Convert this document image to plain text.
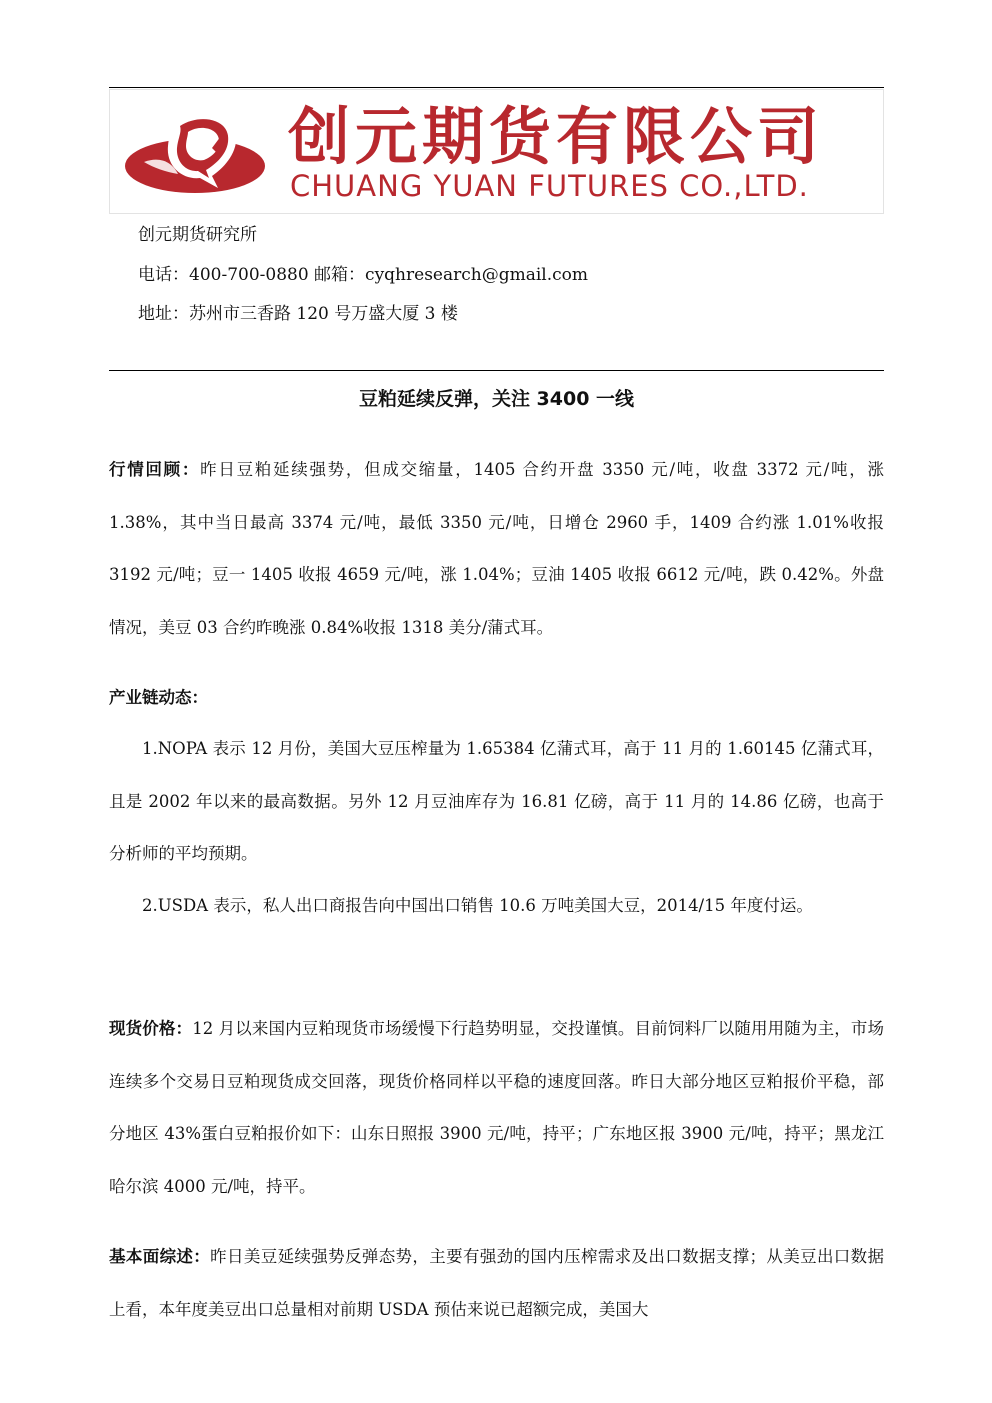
创元期货有限公司
CHUANG YUAN FUTURES CO.,LTD.
创元期货研究所
电话：400-700-0880 邮箱：cyqhresearch@gmail.com
地址：苏州市三香路 120 号万盛大厦 3 楼
豆粕延续反弹，关注 3400 一线
行情回顾：昨日豆粕延续强势，但成交缩量，1405 合约开盘 3350 元/吨，收盘 3372 元/吨，涨 1.38%，其中当日最高 3374 元/吨，最低 3350 元/吨，日增仓 2960 手，1409 合约涨 1.01%收报 3192 元/吨；豆一 1405 收报 4659 元/吨，涨 1.04%；豆油 1405 收报 6612 元/吨，跌 0.42%。外盘情况，美豆 03 合约昨晚涨 0.84%收报 1318 美分/蒲式耳。
产业链动态：
1.NOPA 表示 12 月份，美国大豆压榨量为 1.65384 亿蒲式耳，高于 11 月的 1.60145 亿蒲式耳，且是 2002 年以来的最高数据。另外 12 月豆油库存为 16.81 亿磅，高于 11 月的 14.86 亿磅，也高于分析师的平均预期。
2.USDA 表示，私人出口商报告向中国出口销售 10.6 万吨美国大豆，2014/15 年度付运。
现货价格：12 月以来国内豆粕现货市场缓慢下行趋势明显，交投谨慎。目前饲料厂以随用用随为主，市场连续多个交易日豆粕现货成交回落，现货价格同样以平稳的速度回落。昨日大部分地区豆粕报价平稳，部分地区 43%蛋白豆粕报价如下：山东日照报 3900 元/吨，持平；广东地区报 3900 元/吨，持平；黑龙江哈尔滨 4000 元/吨，持平。
基本面综述：昨日美豆延续强势反弹态势，主要有强劲的国内压榨需求及出口数据支撑；从美豆出口数据上看，本年度美豆出口总量相对前期 USDA 预估来说已超额完成，美国大
